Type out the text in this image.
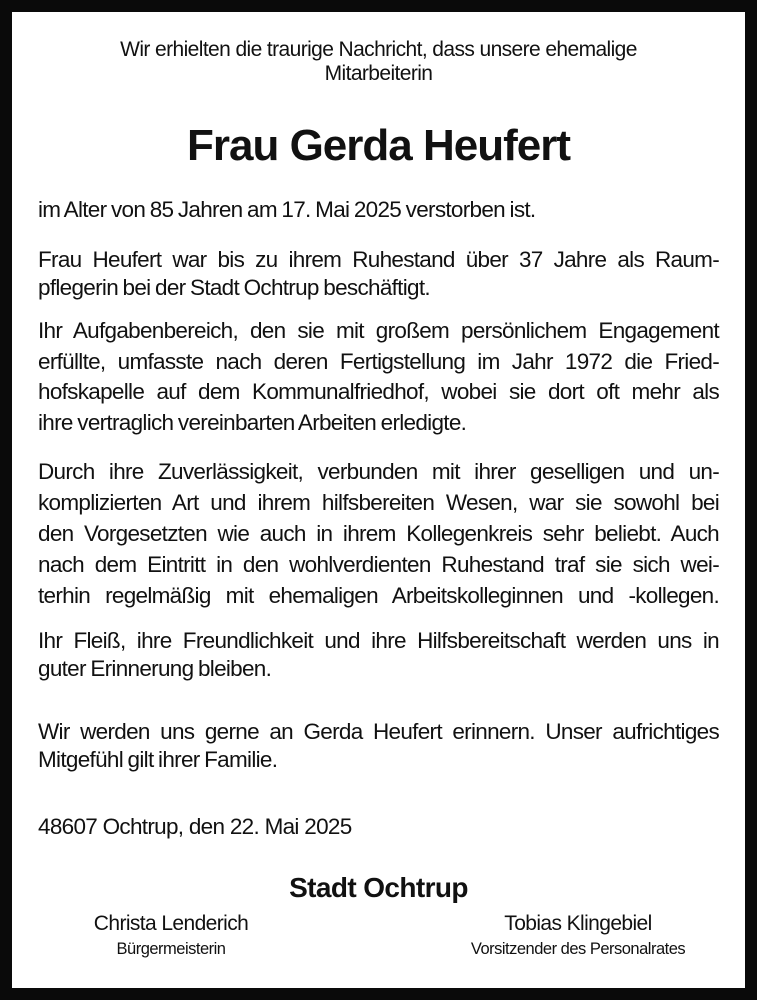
Wir erhielten die traurige Nachricht, dass unsere ehemalige
Mitarbeiterin
Frau Gerda Heufert
im Alter von 85 Jahren am 17. Mai 2025 verstorben ist.
Frau Heufert war bis zu ihrem Ruhestand über 37 Jahre als Raum-
pflegerin bei der Stadt Ochtrup beschäftigt.
Ihr Aufgabenbereich, den sie mit großem persönlichem Engagement
erfüllte, umfasste nach deren Fertigstellung im Jahr 1972 die Fried-
hofskapelle auf dem Kommunalfriedhof, wobei sie dort oft mehr als
ihre vertraglich vereinbarten Arbeiten erledigte.
Durch ihre Zuverlässigkeit, verbunden mit ihrer geselligen und un-
komplizierten Art und ihrem hilfsbereiten Wesen, war sie sowohl bei
den Vorgesetzten wie auch in ihrem Kollegenkreis sehr beliebt. Auch
nach dem Eintritt in den wohlverdienten Ruhestand traf sie sich wei-
terhin regelmäßig mit ehemaligen Arbeitskolleginnen und -kollegen.
Ihr Fleiß, ihre Freundlichkeit und ihre Hilfsbereitschaft werden uns in
guter Erinnerung bleiben.
Wir werden uns gerne an Gerda Heufert erinnern. Unser aufrichtiges
Mitgefühl gilt ihrer Familie.
48607 Ochtrup, den 22. Mai 2025
Stadt Ochtrup
Christa Lenderich
Bürgermeisterin
Tobias Klingebiel
Vorsitzender des Personalrates
